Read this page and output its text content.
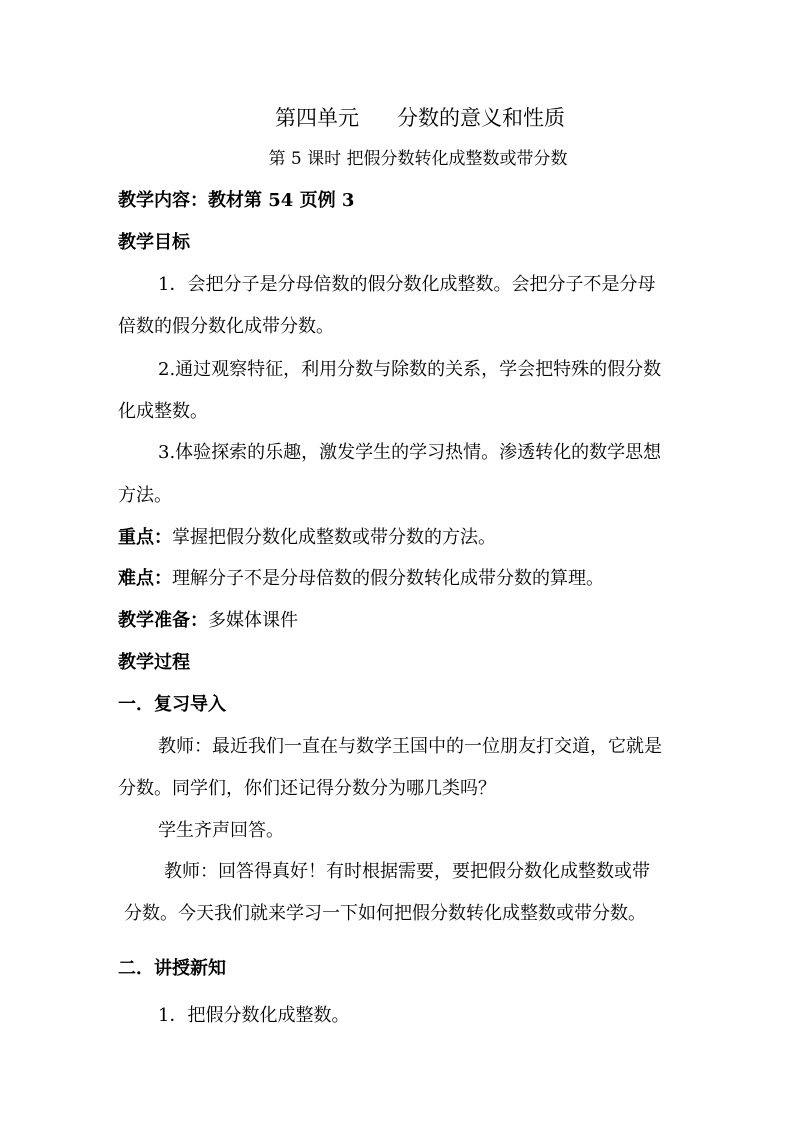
第四单元 分数的意义和性质
第 5 课时 把假分数转化成整数或带分数
教学内容：教材第 54 页例 3
教学目标
1．会把分子是分母倍数的假分数化成整数。会把分子不是分母
倍数的假分数化成带分数。
2.通过观察特征，利用分数与除数的关系，学会把特殊的假分数
化成整数。
3.体验探索的乐趣，激发学生的学习热情。渗透转化的数学思想
方法。
重点：掌握把假分数化成整数或带分数的方法。
难点：理解分子不是分母倍数的假分数转化成带分数的算理。
教学准备：多媒体课件
教学过程
一．复习导入
教师：最近我们一直在与数学王国中的一位朋友打交道，它就是
分数。同学们，你们还记得分数分为哪几类吗？
学生齐声回答。
教师：回答得真好！有时根据需要，要把假分数化成整数或带
分数。今天我们就来学习一下如何把假分数转化成整数或带分数。
二．讲授新知
1．把假分数化成整数。
